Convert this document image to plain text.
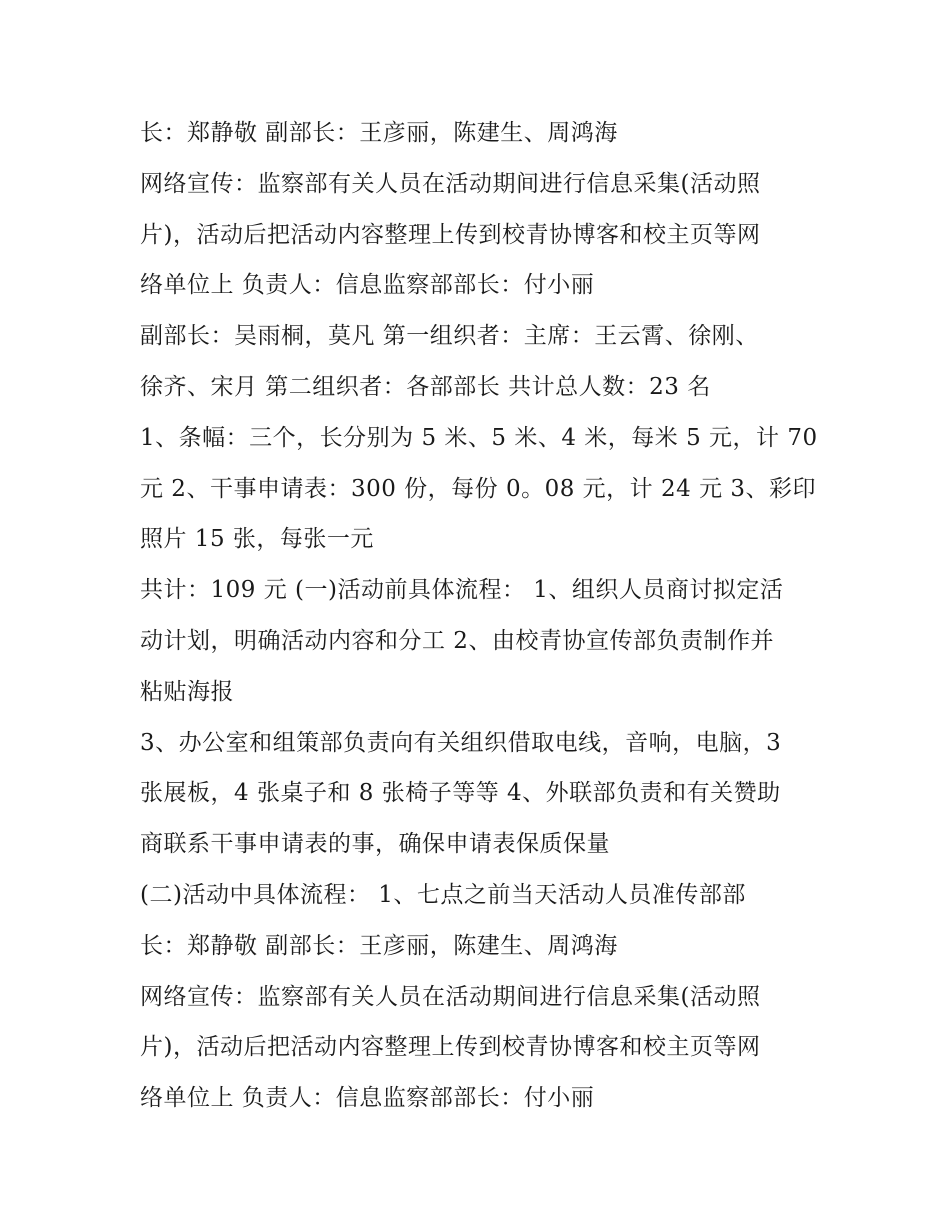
长：郑静敬 副部长：王彦丽，陈建生、周鸿海
网络宣传：监察部有关人员在活动期间进行信息采集(活动照
片)，活动后把活动内容整理上传到校青协博客和校主页等网
络单位上 负责人：信息监察部部长：付小丽
副部长：吴雨桐，莫凡 第一组织者：主席：王云霄、徐刚、
徐齐、宋月 第二组织者：各部部长 共计总人数：23 名
1、条幅：三个，长分别为 5 米、5 米、4 米，每米 5 元，计 70
元 2、干事申请表：300 份，每份 0。08 元，计 24 元 3、彩印
照片 15 张，每张一元
共计：109 元 (一)活动前具体流程： 1、组织人员商讨拟定活
动计划，明确活动内容和分工 2、由校青协宣传部负责制作并
粘贴海报
3、办公室和组策部负责向有关组织借取电线，音响，电脑，3
张展板，4 张桌子和 8 张椅子等等 4、外联部负责和有关赞助
商联系干事申请表的事，确保申请表保质保量
(二)活动中具体流程： 1、七点之前当天活动人员准传部部
长：郑静敬 副部长：王彦丽，陈建生、周鸿海
网络宣传：监察部有关人员在活动期间进行信息采集(活动照
片)，活动后把活动内容整理上传到校青协博客和校主页等网
络单位上 负责人：信息监察部部长：付小丽
